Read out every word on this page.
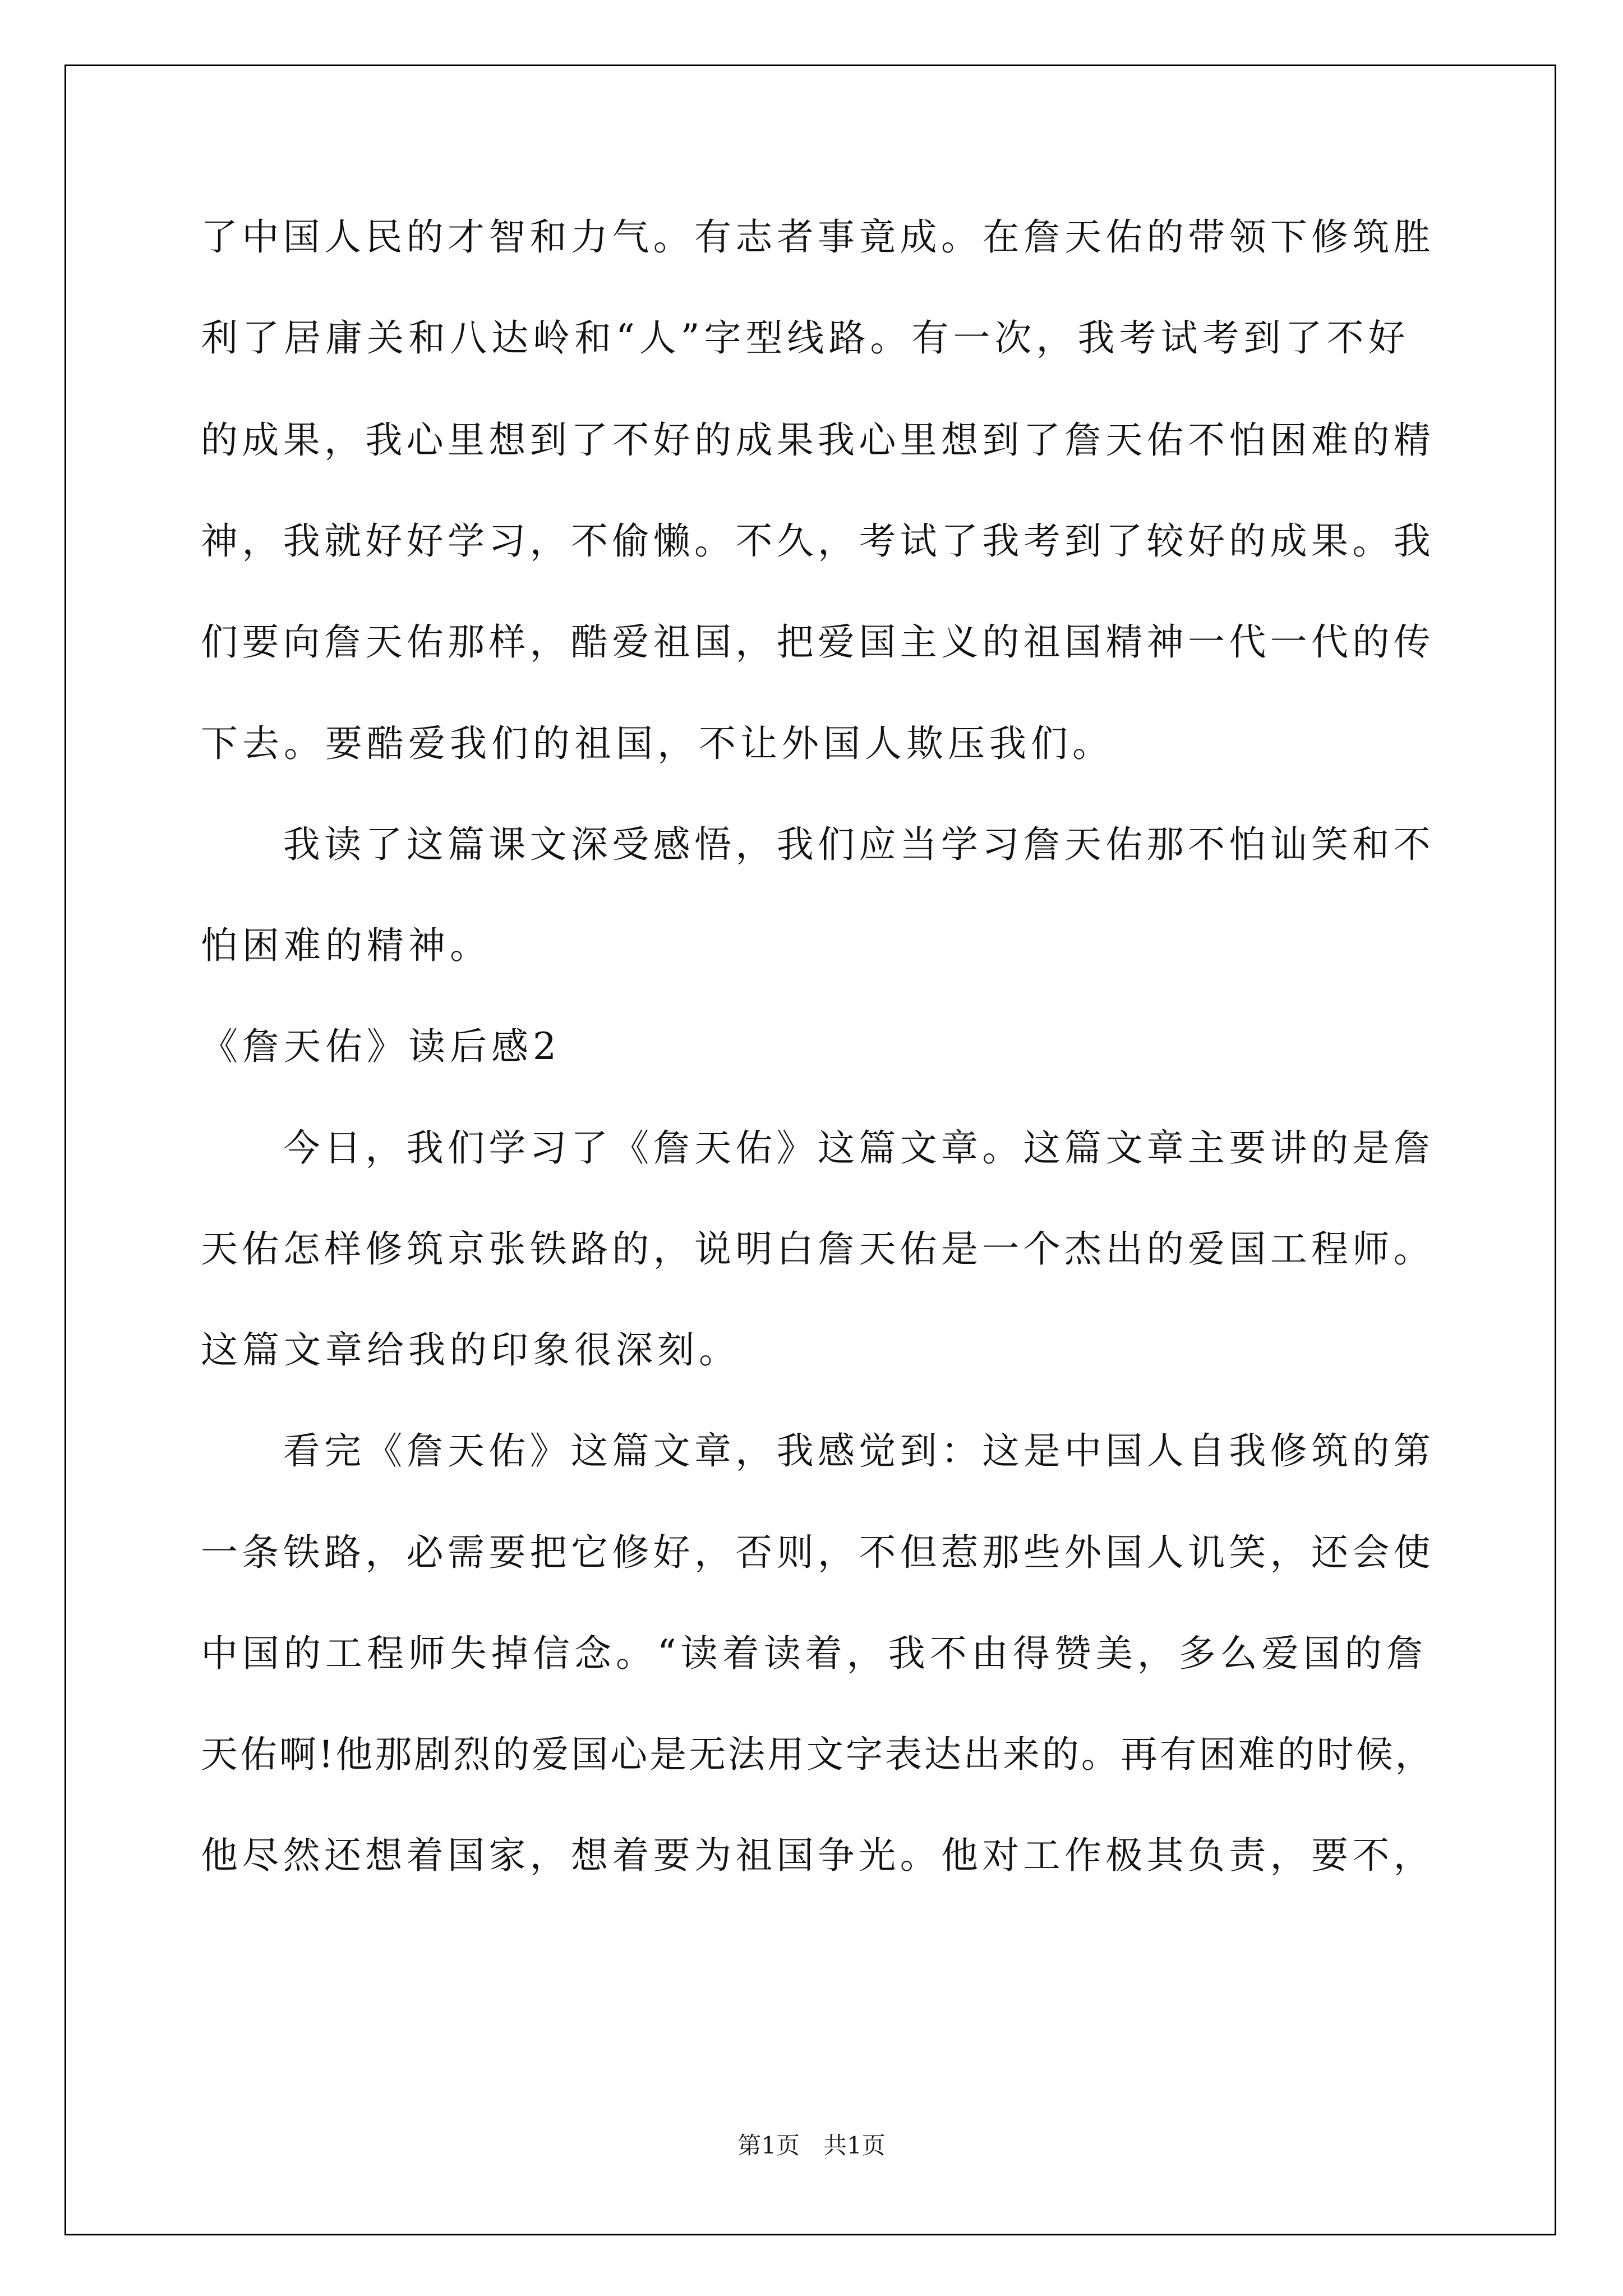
了中国人民的才智和力气。有志者事竟成。在詹天佑的带领下修筑胜
利了居庸关和八达岭和“人”字型线路。有一次，我考试考到了不好
的成果，我心里想到了不好的成果我心里想到了詹天佑不怕困难的精
神，我就好好学习，不偷懒。不久，考试了我考到了较好的成果。我
们要向詹天佑那样，酷爱祖国，把爱国主义的祖国精神一代一代的传
下去。要酷爱我们的祖国，不让外国人欺压我们。
　　我读了这篇课文深受感悟，我们应当学习詹天佑那不怕讪笑和不
怕困难的精神。
《詹天佑》读后感2
　　今日，我们学习了《詹天佑》这篇文章。这篇文章主要讲的是詹
天佑怎样修筑京张铁路的，说明白詹天佑是一个杰出的爱国工程师。
这篇文章给我的印象很深刻。
　　看完《詹天佑》这篇文章，我感觉到：这是中国人自我修筑的第
一条铁路，必需要把它修好，否则，不但惹那些外国人讥笑，还会使
中国的工程师失掉信念。“读着读着，我不由得赞美，多么爱国的詹
天佑啊!他那剧烈的爱国心是无法用文字表达出来的。再有困难的时候，
他尽然还想着国家，想着要为祖国争光。他对工作极其负责，要不，
第1页　共1页
